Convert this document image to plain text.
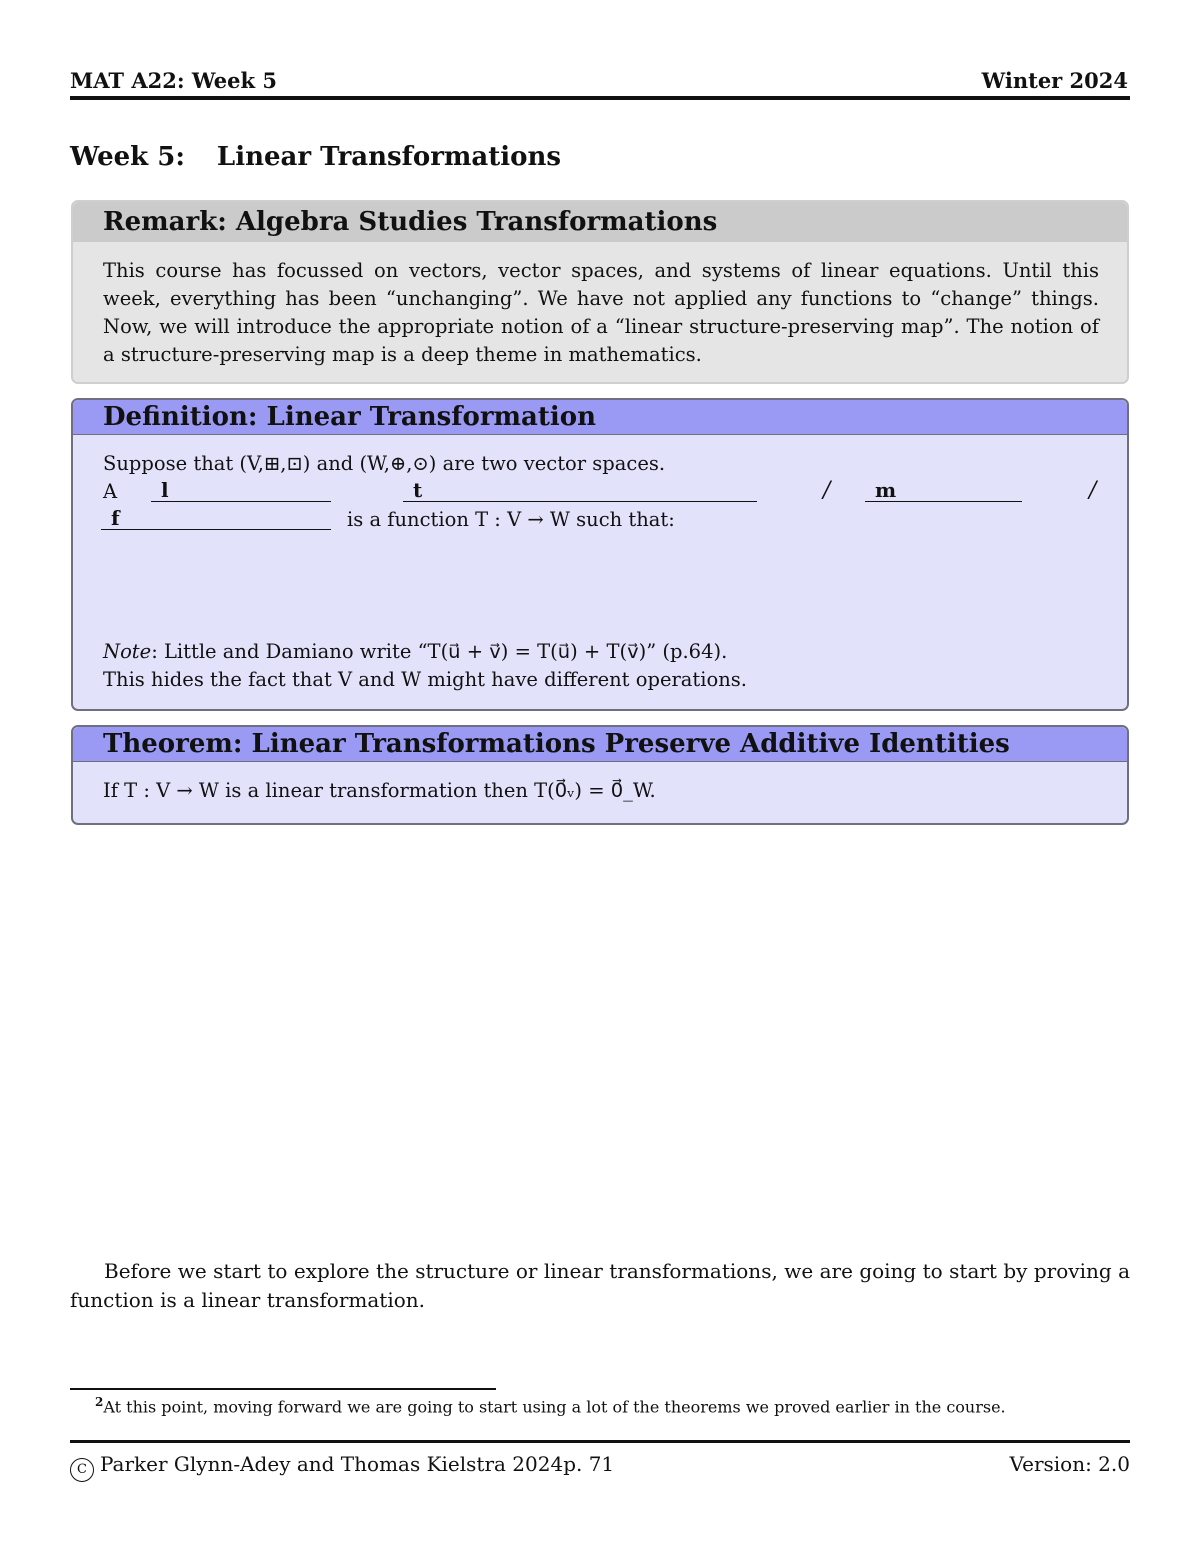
MAT A22: Week 5	Winter 2024
Week 5: Linear Transformations
Remark: Algebra Studies Transformations
This course has focussed on vectors, vector spaces, and systems of linear equations. Until this week, everything has been “unchanging”. We have not applied any functions to “change” things. Now, we will introduce the appropriate notion of a “linear structure-preserving map”. The notion of a structure-preserving map is a deep theme in mathematics.
Definition: Linear Transformation
Suppose that (V,⊞,⊡) and (W,⊕,⊙) are two vector spaces.
A	l	t	/	m	/
f	is a function T : V → W such that:
Note: Little and Damiano write “T(u⃗ + v⃗) = T(u⃗) + T(v⃗)” (p.64).
This hides the fact that V and W might have different operations.
Theorem: Linear Transformations Preserve Additive Identities
If T : V → W is a linear transformation then T(0⃗ᵥ) = 0⃗_W.
Before we start to explore the structure or linear transformations, we are going to start by proving a function is a linear transformation.
$^2$At this point, moving forward we are going to start using a lot of the theorems we proved earlier in the course.
C Parker Glynn-Adey and Thomas Kielstra 2024p. 71	Version: 2.0
